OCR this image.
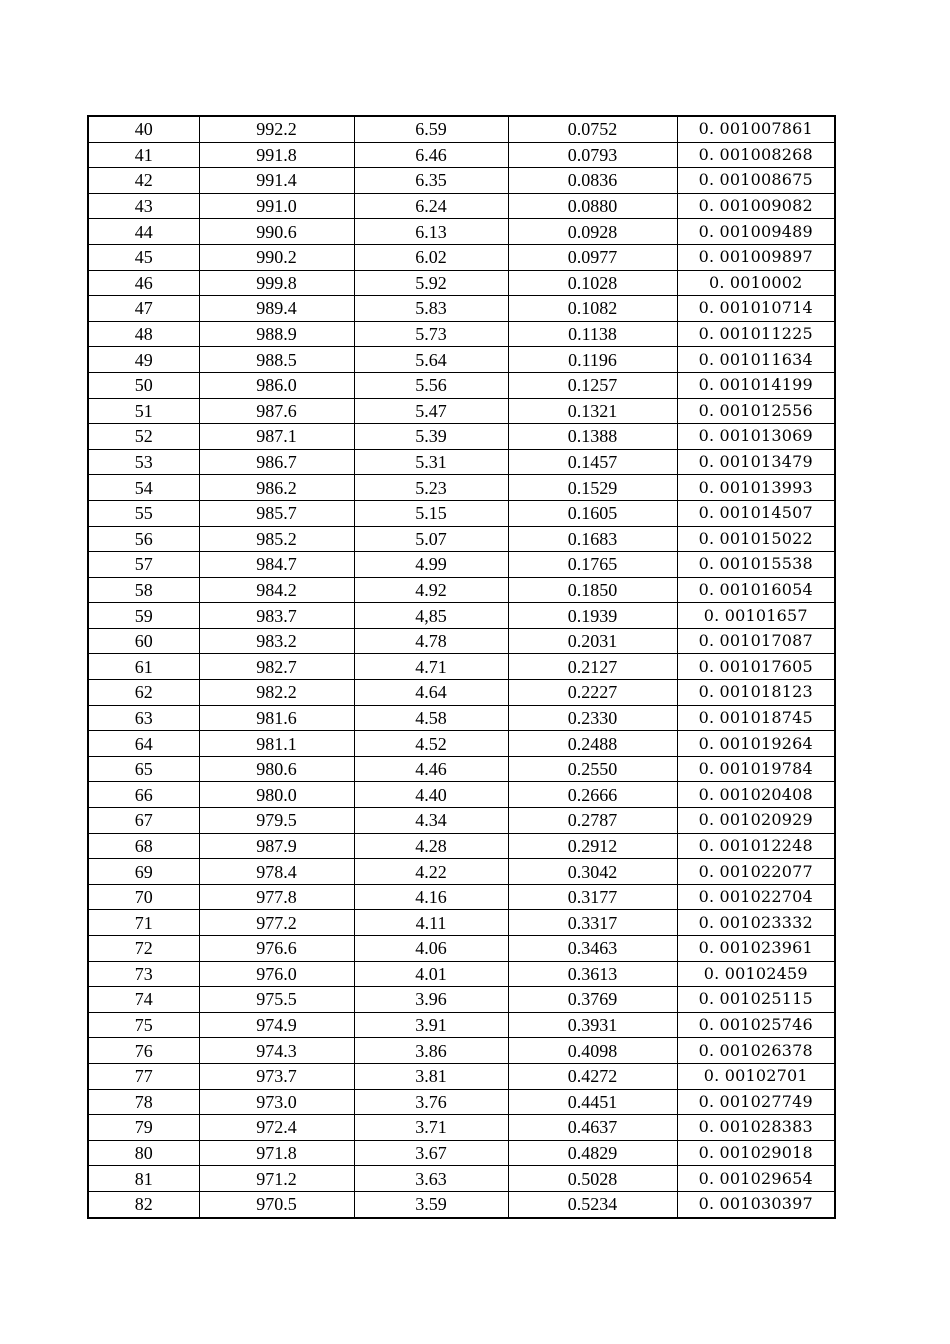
40	992.2	6.59	0.0752	0. 001007861
41	991.8	6.46	0.0793	0. 001008268
42	991.4	6.35	0.0836	0. 001008675
43	991.0	6.24	0.0880	0. 001009082
44	990.6	6.13	0.0928	0. 001009489
45	990.2	6.02	0.0977	0. 001009897
46	999.8	5.92	0.1028	0. 0010002
47	989.4	5.83	0.1082	0. 001010714
48	988.9	5.73	0.1138	0. 001011225
49	988.5	5.64	0.1196	0. 001011634
50	986.0	5.56	0.1257	0. 001014199
51	987.6	5.47	0.1321	0. 001012556
52	987.1	5.39	0.1388	0. 001013069
53	986.7	5.31	0.1457	0. 001013479
54	986.2	5.23	0.1529	0. 001013993
55	985.7	5.15	0.1605	0. 001014507
56	985.2	5.07	0.1683	0. 001015022
57	984.7	4.99	0.1765	0. 001015538
58	984.2	4.92	0.1850	0. 001016054
59	983.7	4,85	0.1939	0. 00101657
60	983.2	4.78	0.2031	0. 001017087
61	982.7	4.71	0.2127	0. 001017605
62	982.2	4.64	0.2227	0. 001018123
63	981.6	4.58	0.2330	0. 001018745
64	981.1	4.52	0.2488	0. 001019264
65	980.6	4.46	0.2550	0. 001019784
66	980.0	4.40	0.2666	0. 001020408
67	979.5	4.34	0.2787	0. 001020929
68	987.9	4.28	0.2912	0. 001012248
69	978.4	4.22	0.3042	0. 001022077
70	977.8	4.16	0.3177	0. 001022704
71	977.2	4.11	0.3317	0. 001023332
72	976.6	4.06	0.3463	0. 001023961
73	976.0	4.01	0.3613	0. 00102459
74	975.5	3.96	0.3769	0. 001025115
75	974.9	3.91	0.3931	0. 001025746
76	974.3	3.86	0.4098	0. 001026378
77	973.7	3.81	0.4272	0. 00102701
78	973.0	3.76	0.4451	0. 001027749
79	972.4	3.71	0.4637	0. 001028383
80	971.8	3.67	0.4829	0. 001029018
81	971.2	3.63	0.5028	0. 001029654
82	970.5	3.59	0.5234	0. 001030397
